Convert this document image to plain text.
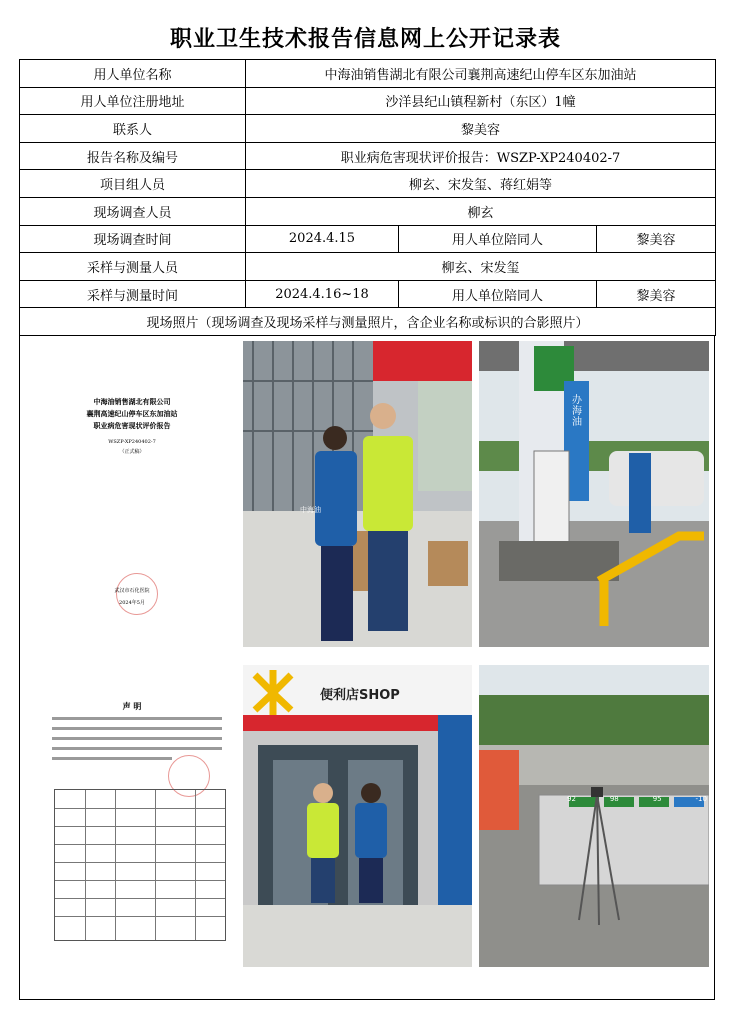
职业卫生技术报告信息网上公开记录表
用人单位名称	中海油销售湖北有限公司襄荆高速纪山停车区东加油站		
用人单位注册地址	沙洋县纪山镇程新村（东区）1幢		
联系人	黎美容		
报告名称及编号	职业病危害现状评价报告：WSZP-XP240402-7		
项目组人员	柳玄、宋发玺、蒋红娟等		
现场调查人员	柳玄		
现场调查时间	2024.4.15	用人单位陪同人	黎美容
采样与测量人员	柳玄、宋发玺		
采样与测量时间	2024.4.16~18	用人单位陪同人	黎美容
现场照片（现场调查及现场采样与测量照片，含企业名称或标识的合影照片）			
中海油销售湖北有限公司
襄荆高速纪山停车区东加油站
职业病危害现状评价报告
WSZP-XP240402-7
（正式稿）
武汉市石化医院
2024年5月
中海油
办海油
声 明
便利店SHOP
92	98	95	-10
